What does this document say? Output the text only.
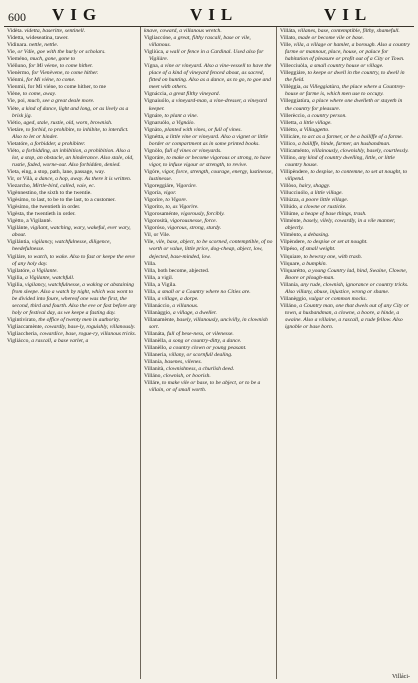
600 VIG	VIL	VIL

Vidèta. videtta, baseritte, sentinell.

Videtta, wideseatina, tawer.

Vidinara. nettle, nettle.

Vie, or Vdie, goe with the hurly or scholars.

Vieméno, much, gone, gone to

Viéñuno, for Mi véene, to come hither.

Vienèrmo, for Vienèvene, to come hither.

Viénmi, for Mi viéne, to come.

Vienmii, for Mi viéne, to come hither, to me

Viène, to come, away.

Vie, poi, much, see a great deale more.

Viéte, a kind of dance, light and long, or as lively as a brisk jig.

Viétio, aged, stale, rustie, old, worn, brownish.

Vietáre, to forbid, to prohibite, to inhibite, to interdict. Also to let or hinder.

Vietatóre, a forbidder, a prohibiter.

Viéto, a forbidding, an inhibition, a prohibition. Also a lot, a stop, an obstacle, an hinderance. Also stale, old, rustie, faded, worne-out. Also forbidden, denied.

Vieta, eing, a stop, path, lane, passage, way.

Vir, or Vilà, a dance, a hop, away. As there it is written.

Viezarcho, Mirtle-bird, called, vaie, ec.

Vigènnestino, the sixth to the twentie.

Vigèsimo, to last, to be to the last, to a customer.

Vigèsimo, the twentieth in order.

Vigèsta, the twentieth in order.

Vigètto, a Vigilanté.

Vigilánte, vigilant, watching, wary, wakeful, ever wary, about.

Vigilántia, vigilancy, watchfulnesse, diligence, heedefulnesse.

Vigiláre, to watch, to wake. Also to fast or keepe the eeve of any holy day.

Vigilatóre, a Vigilante.

Vigilia, a Vigilante, watchfull.

Vigilia, vigilancy, watchfulnesse, a waking or abstaining from sleepe. Also a watch by night, which was wont to be divided into foure, whereof one was the first, the second, third and fourth. Also the eve or fast before any holy or festival day, as we keepe a fasting day.

Vigintivirato, the office of twenty men in authority.

Vigliaccamènte, cowardly, base-ly, roguishly, villanously.

Vigliaccheria, cowardice, base, rogue-ry, villanous tricks.

Vigliácco, a rascall, a base varlet, a

knave, coward, a villanous wretch.

Vigliaccóne, a great, filthy rascall, base or vile, villanous.

Vigliúca, a wall or fence in a Cardinal. Used also for Vigilàre.

Vígna, a vine or vineyard. Also a vine-vessell to have the place of a kind of vineyard fenced about, as sacred, fitted on hunting. Also as a dance, as to go, to goe and meet with others.

Vignáccia, a great filthy vineyard.

Vignaiuólo, a vineyard-man, a vine-dresser, a vineyard keeper.

Vignáre, to plant a vine.

Vignaruólo, a Vignáio.

Vignàto, planted with vines, or full of vines.

Vignétta, a little vine or vineyard. Also a vignet or little border or compartment as in some printed books.

Vignòlo, full of vines or vineyards.

Vigoráre, to make or become vigorous or strong, to have vigor, to infuse vigour or strength, to revive.

Vigóre, vigor, force, strength, courage, energy, lustinesse, lustinesse.

Vigoreggiáre, Vigoráre.

Vigoría, vigor.

Vigorìre, to Vigore.

Vigorìto, to, as Vigorìre.

Vigorosaménte, vigorously, forcibly.

Vigorosità, vigorousnesse, force.

Vigoróso, vigorous, strong, sturdy.

Vil, or Vile.

Vile, vile, base, abject, to be scorned, contemptible, of no worth or value, little price, dog-cheap, abject, low, dejected, base-minded, low.

Villa.

Villa, both become, abjected.

Villa, a vigil.

Villa, a Vigila.

Villa, a small or a Country where no Cities are.

Villa, a village, a dorpe.

Villanáccio, a villanous.

Villanàggio, a village, a dweller.

Villanamènte, basely, villanously, uncivilly, in clownish sort.

Villanáta, full of bese-ness, or vilenesse.

Villanèlla, a song or country-ditty, a dance.

Villanèllo, a country clown or young peasant.

Villaneria, villany, or scornfull dealing.

Villanía, basenes, vilenes.

Villanità, clownishness, a churlish deed.

Villáno, clownish, or boorish.

Villáre, to make vile or base, to be abject, or to be a villain, or of small worth.

Villáta, villanes, base, contemptible, filthy, shamefull.

Villato, made or become vile or base.

Ville, villa, a village or hamlet, a borough. Also a country farme or mannour, place, house, or palace for habitation of pleasure or profit out of a City or Town.

Villecciuòla, a small country house or village.

Villeggiáre, to keepe or dwell in the country, to dwell in the field.

Villèggia, as Villeggiatùra, the place where a Countrey-house or farme is, which men use to occupy.

Villeggiatùra, a place where one dwelleth or stayeth in the country for pleasure.

Villerèccio, a country person.

Villetta, a little village.

Villétto, a Villaggetto.

Villicáre, to act as a farmer, or be a bailiffe of a farme.

Villico, a bailiffe, hinde, farmer, an husbandman.

Villicaménto, villainously, clownishly, basely, courtlessly.

Villino, any kind of country dwelling, little, or little country house.

Villipèndere, to despise, to contemne, to set at nought, to vilipend.

Villòso, hairy, shaggy.

Villucciuólo, a little village.

Villúzza, a poore little village.

Villúdo, a clowne or rusticke.

Villúme, a heape of base things, trash.

Vilmènte, basely, vilely, cowardly, in a vile manner, abjectly.

Vilmènto, a debasing.

Vilpèndere, to despise or set at nought.

Vilpéso, of small weight.

Vilquiare, to bewray one, with trash.

Vilquare, a bumpkin.

Vilquarétto, a young Country lad, hind, Swaine, Clowne, Boore or plough-man.

Villanía, any rude, clownish, ignorance or country tricks. Also villany, abuse, injustice, wrong or shame.

Villanèggio, vulgar or common mocks.

Villáno, a Country man, one that dwels out of any City or town, a husbandman, a clowne, a boore, a hinde, a swaine. Also a villaine, a rascall, a rude fellow. Also ignoble or base born.

Villáci-
